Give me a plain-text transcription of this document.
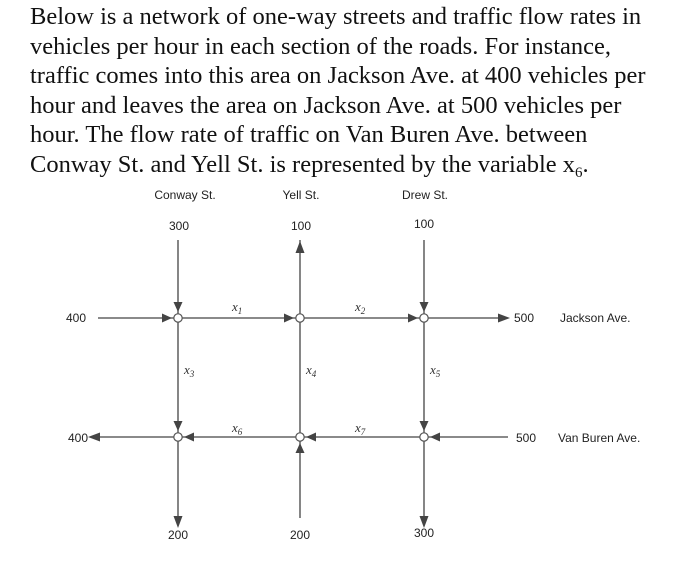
Below is a network of one-way streets and traffic flow rates in vehicles per hour in each section of the roads. For instance, traffic comes into this area on Jackson Ave. at 400 vehicles per hour and leaves the area on Jackson Ave. at 500 vehicles per hour. The flow rate of traffic on Van Buren Ave. between Conway St. and Yell St. is represented by the variable $x_6$.

Conway St.	Yell St.	Drew St.
Jackson Ave.
Van Buren Ave.
300	100	100
400	500
400	500
200	200	300
$x_1$	$x_2$
$x_3$	$x_4$	$x_5$
$x_6$	$x_7$
